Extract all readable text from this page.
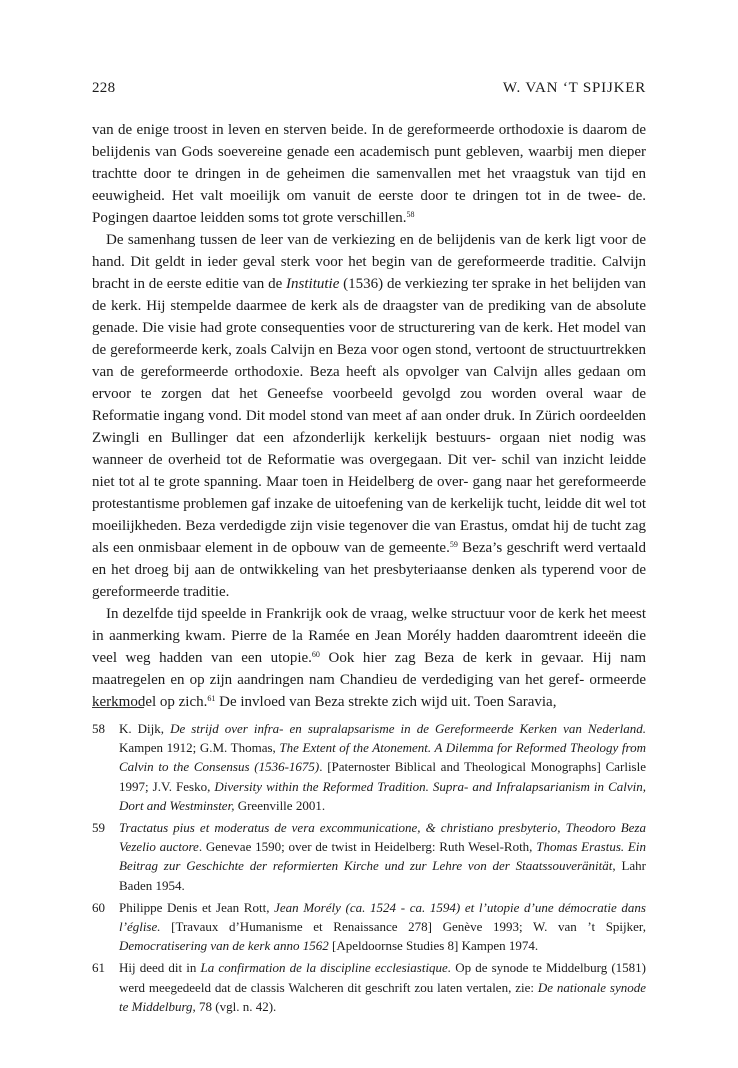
228	W. VAN ‘T SPIJKER

van de enige troost in leven en sterven beide. In de gereformeerde orthodoxie is daarom de belijdenis van Gods soevereine genade een academisch punt gebleven, waarbij men dieper trachtte door te dringen in de geheimen die samenvallen met het vraagstuk van tijd en eeuwigheid. Het valt moeilijk om vanuit de eerste door te dringen tot in de twee- de. Pogingen daartoe leidden soms tot grote verschillen.$^{58}$

De samenhang tussen de leer van de verkiezing en de belijdenis van de kerk ligt voor de hand. Dit geldt in ieder geval sterk voor het begin van de gereformeerde traditie. Calvijn bracht in de eerste editie van de Institutie (1536) de verkiezing ter sprake in het belijden van de kerk. Hij stempelde daarmee de kerk als de draagster van de prediking van de absolute genade. Die visie had grote consequenties voor de structurering van de kerk. Het model van de gereformeerde kerk, zoals Calvijn en Beza voor ogen stond, vertoont de structuurtrekken van de gereformeerde orthodoxie. Beza heeft als opvolger van Calvijn alles gedaan om ervoor te zorgen dat het Geneefse voorbeeld gevolgd zou worden overal waar de Reformatie ingang vond. Dit model stond van meet af aan onder druk. In Zürich oordeelden Zwingli en Bullinger dat een afzonderlijk kerkelijk bestuurs- orgaan niet nodig was wanneer de overheid tot de Reformatie was overgegaan. Dit ver- schil van inzicht leidde niet tot al te grote spanning. Maar toen in Heidelberg de over- gang naar het gereformeerde protestantisme problemen gaf inzake de uitoefening van de kerkelijk tucht, leidde dit wel tot moeilijkheden. Beza verdedigde zijn visie tegenover die van Erastus, omdat hij de tucht zag als een onmisbaar element in de opbouw van de gemeente.$^{59}$ Beza’s geschrift werd vertaald en het droeg bij aan de ontwikkeling van het presbyteriaanse denken als typerend voor de gereformeerde traditie.

In dezelfde tijd speelde in Frankrijk ook de vraag, welke structuur voor de kerk het meest in aanmerking kwam. Pierre de la Ramée en Jean Morély hadden daaromtrent ideeën die veel weg hadden van een utopie.$^{60}$ Ook hier zag Beza de kerk in gevaar. Hij nam maatregelen en op zijn aandringen nam Chandieu de verdediging van het geref- ormeerde kerkmodel op zich.$^{61}$ De invloed van Beza strekte zich wijd uit. Toen Saravia,

58 K. Dijk, De strijd over infra- en supralapsarisme in de Gereformeerde Kerken van Nederland. Kampen 1912; G.M. Thomas, The Extent of the Atonement. A Dilemma for Reformed Theology from Calvin to the Consensus (1536-1675). [Paternoster Biblical and Theological Monographs] Carlisle 1997; J.V. Fesko, Diversity within the Reformed Tradition. Supra- and Infralapsarianism in Calvin, Dort and Westminster, Greenville 2001.
59 Tractatus pius et moderatus de vera excommunicatione, & christiano presbyterio, Theodoro Beza Vezelio auctore. Genevae 1590; over de twist in Heidelberg: Ruth Wesel-Roth, Thomas Erastus. Ein Beitrag zur Geschichte der reformierten Kirche und zur Lehre von der Staatssouveränität, Lahr Baden 1954.
60 Philippe Denis et Jean Rott, Jean Morély (ca. 1524 - ca. 1594) et l’utopie d’une démocratie dans l’église. [Travaux d’Humanisme et Renaissance 278] Genève 1993; W. van ’t Spijker, Democratisering van de kerk anno 1562 [Apeldoornse Studies 8] Kampen 1974.
61 Hij deed dit in La confirmation de la discipline ecclesiastique. Op de synode te Middelburg (1581) werd meegedeeld dat de classis Walcheren dit geschrift zou laten vertalen, zie: De nationale synode te Middelburg, 78 (vgl. n. 42).
